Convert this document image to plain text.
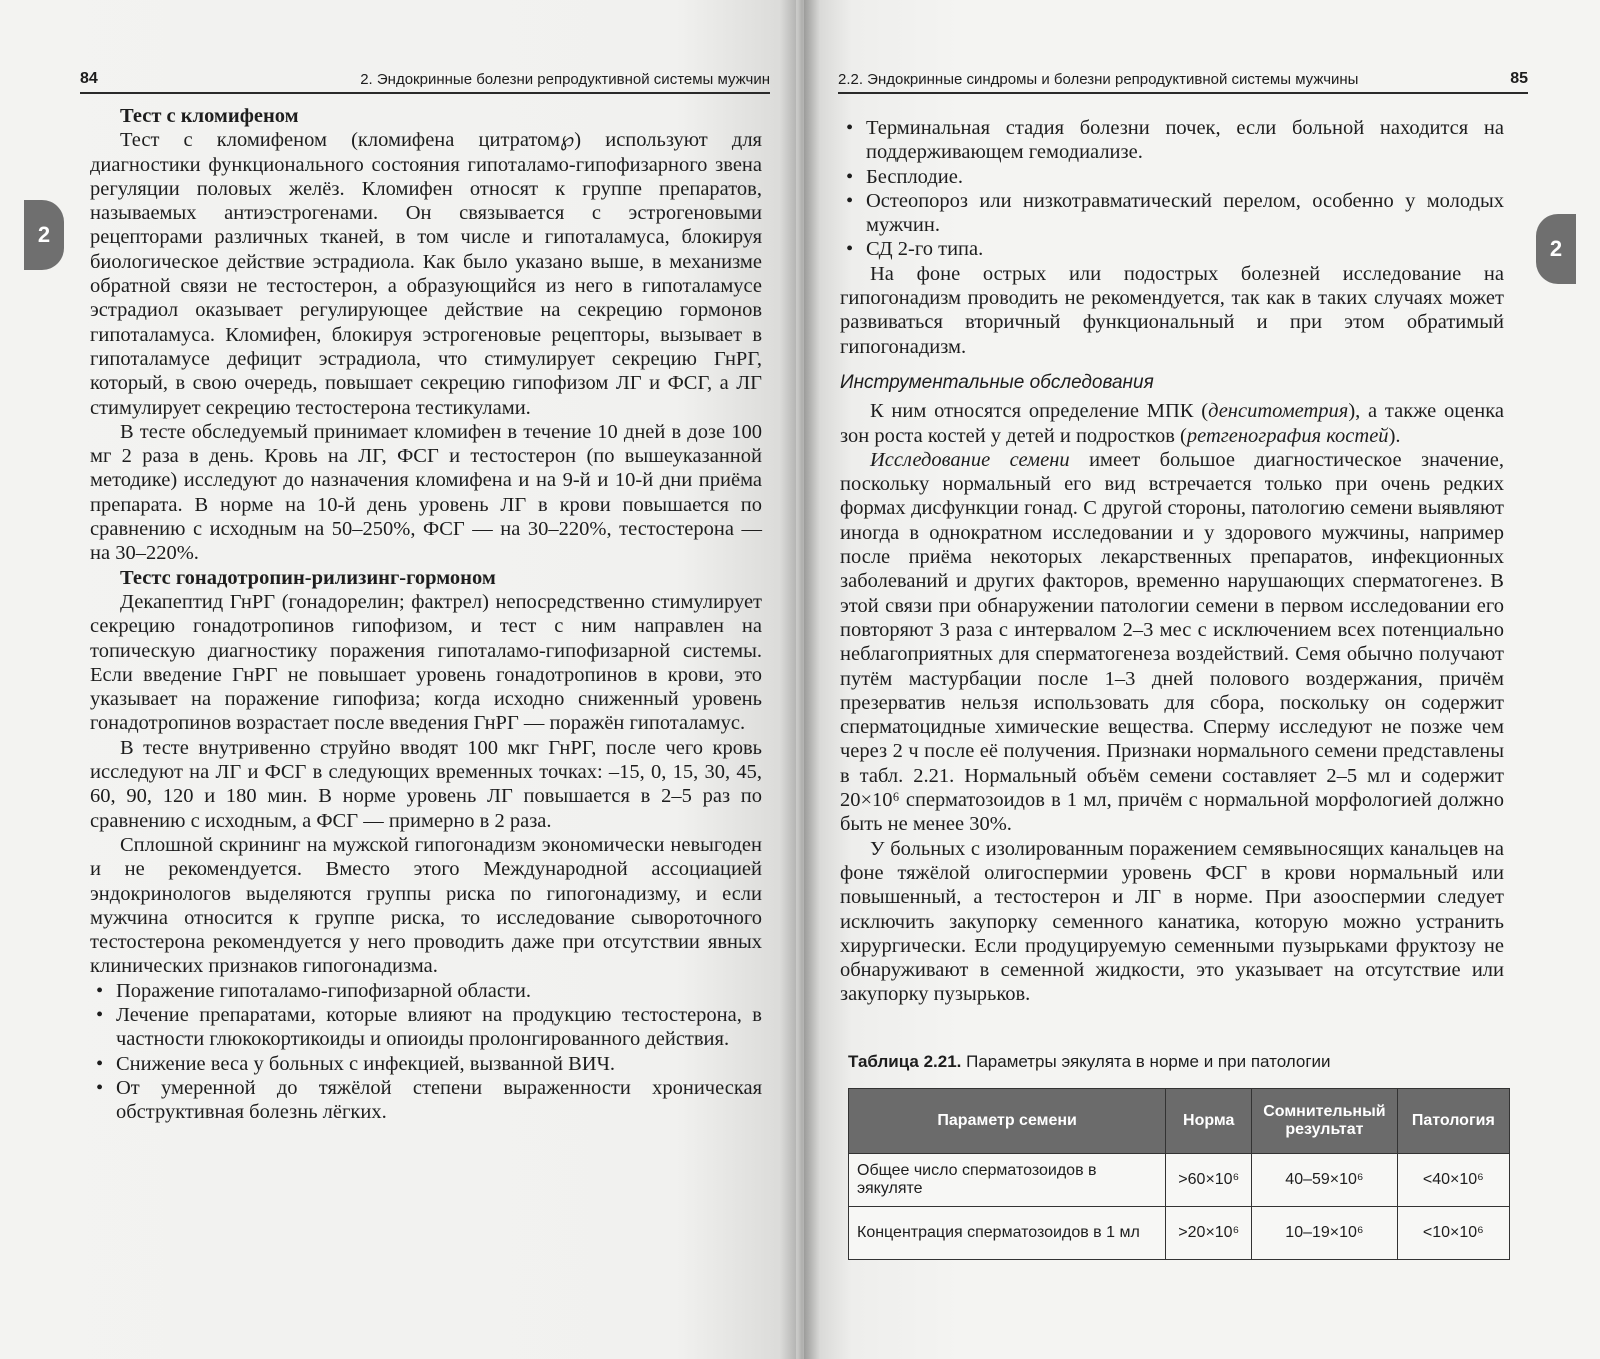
84	2. Эндокринные болезни репродуктивной системы мужчин
2
Тест с кломифеном

Тест с кломифеном (кломифена цитратом℘) используют для диагностики функционального состояния гипоталамо-гипофизарного звена регуляции половых желёз. Кломифен относят к группе препаратов, называемых антиэстрогенами. Он связывается с эстрогеновыми рецепторами различных тканей, в том числе и гипоталамуса, блокируя биологическое действие эстрадиола. Как было указано выше, в механизме обратной связи не тестостерон, а образующийся из него в гипоталамусе эстрадиол оказывает регулирующее действие на секрецию гормонов гипоталамуса. Кломифен, блокируя эстрогеновые рецепторы, вызывает в гипоталамусе дефицит эстрадиола, что стимулирует секрецию ГнРГ, который, в свою очередь, повышает секрецию гипофизом ЛГ и ФСГ, а ЛГ стимулирует секрецию тестостерона тестикулами.

В тесте обследуемый принимает кломифен в течение 10 дней в дозе 100 мг 2 раза в день. Кровь на ЛГ, ФСГ и тестостерон (по вышеуказанной методике) исследуют до назначения кломифена и на 9-й и 10-й дни приёма препарата. В норме на 10-й день уровень ЛГ в крови повышается по сравнению с исходным на 50–250%, ФСГ — на 30–220%, тестостерона — на 30–220%.

Тестс гонадотропин-рилизинг-гормоном

Декапептид ГнРГ (гонадорелин; фактрел) непосредственно стимулирует секрецию гонадотропинов гипофизом, и тест с ним направлен на топическую диагностику поражения гипоталамо-гипофизарной системы. Если введение ГнРГ не повышает уровень гонадотропинов в крови, это указывает на поражение гипофиза; когда исходно сниженный уровень гонадотропинов возрастает после введения ГнРГ — поражён гипоталамус.

В тесте внутривенно струйно вводят 100 мкг ГнРГ, после чего кровь исследуют на ЛГ и ФСГ в следующих временных точках: –15, 0, 15, 30, 45, 60, 90, 120 и 180 мин. В норме уровень ЛГ повышается в 2–5 раз по сравнению с исходным, а ФСГ — примерно в 2 раза.

Сплошной скрининг на мужской гипогонадизм экономически невыгоден и не рекомендуется. Вместо этого Международной ассоциацией эндокринологов выделяются группы риска по гипогонадизму, и если мужчина относится к группе риска, то исследование сывороточного тестостерона рекомендуется у него проводить даже при отсутствии явных клинических признаков гипогонадизма.

• Поражение гипоталамо-гипофизарной области.
• Лечение препаратами, которые влияют на продукцию тестостерона, в частности глюкокортикоиды и опиоиды пролонгированного действия.
• Снижение веса у больных с инфекцией, вызванной ВИЧ.
• От умеренной до тяжёлой степени выраженности хроническая обструктивная болезнь лёгких.
2.2. Эндокринные синдромы и болезни репродуктивной системы мужчины	85
2
• Терминальная стадия болезни почек, если больной находится на поддерживающем гемодиализе.
• Бесплодие.
• Остеопороз или низкотравматический перелом, особенно у молодых мужчин.
• СД 2-го типа.

На фоне острых или подострых болезней исследование на гипогонадизм проводить не рекомендуется, так как в таких случаях может развиваться вторичный функциональный и при этом обратимый гипогонадизм.

Инструментальные обследования

К ним относятся определение МПК (денситометрия), а также оценка зон роста костей у детей и подростков (ретгенография костей).

Исследование семени имеет большое диагностическое значение, поскольку нормальный его вид встречается только при очень редких формах дисфункции гонад. С другой стороны, патологию семени выявляют иногда в однократном исследовании и у здорового мужчины, например после приёма некоторых лекарственных препаратов, инфекционных заболеваний и других факторов, временно нарушающих сперматогенез. В этой связи при обнаружении патологии семени в первом исследовании его повторяют 3 раза с интервалом 2–3 мес с исключением всех потенциально неблагоприятных для сперматогенеза воздействий. Семя обычно получают путём мастурбации после 1–3 дней полового воздержания, причём презерватив нельзя использовать для сбора, поскольку он содержит сперматоцидные химические вещества. Сперму исследуют не позже чем через 2 ч после её получения. Признаки нормального семени представлены в табл. 2.21. Нормальный объём семени составляет 2–5 мл и содержит 20×10⁶ сперматозоидов в 1 мл, причём с нормальной морфологией должно быть не менее 30%.

У больных с изолированным поражением семявыносящих канальцев на фоне тяжёлой олигоспермии уровень ФСГ в крови нормальный или повышенный, а тестостерон и ЛГ в норме. При азооспермии следует исключить закупорку семенного канатика, которую можно устранить хирургически. Если продуцируемую семенными пузырьками фруктозу не обнаруживают в семенной жидкости, это указывает на отсутствие или закупорку пузырьков.

Таблица 2.21. Параметры эякулята в норме и при патологии
Параметр семени	Норма	Сомнительный результат	Патология
Общее число сперматозоидов в эякуляте	>60×10⁶	40–59×10⁶	<40×10⁶
Концентрация сперматозоидов в 1 мл	>20×10⁶	10–19×10⁶	<10×10⁶
